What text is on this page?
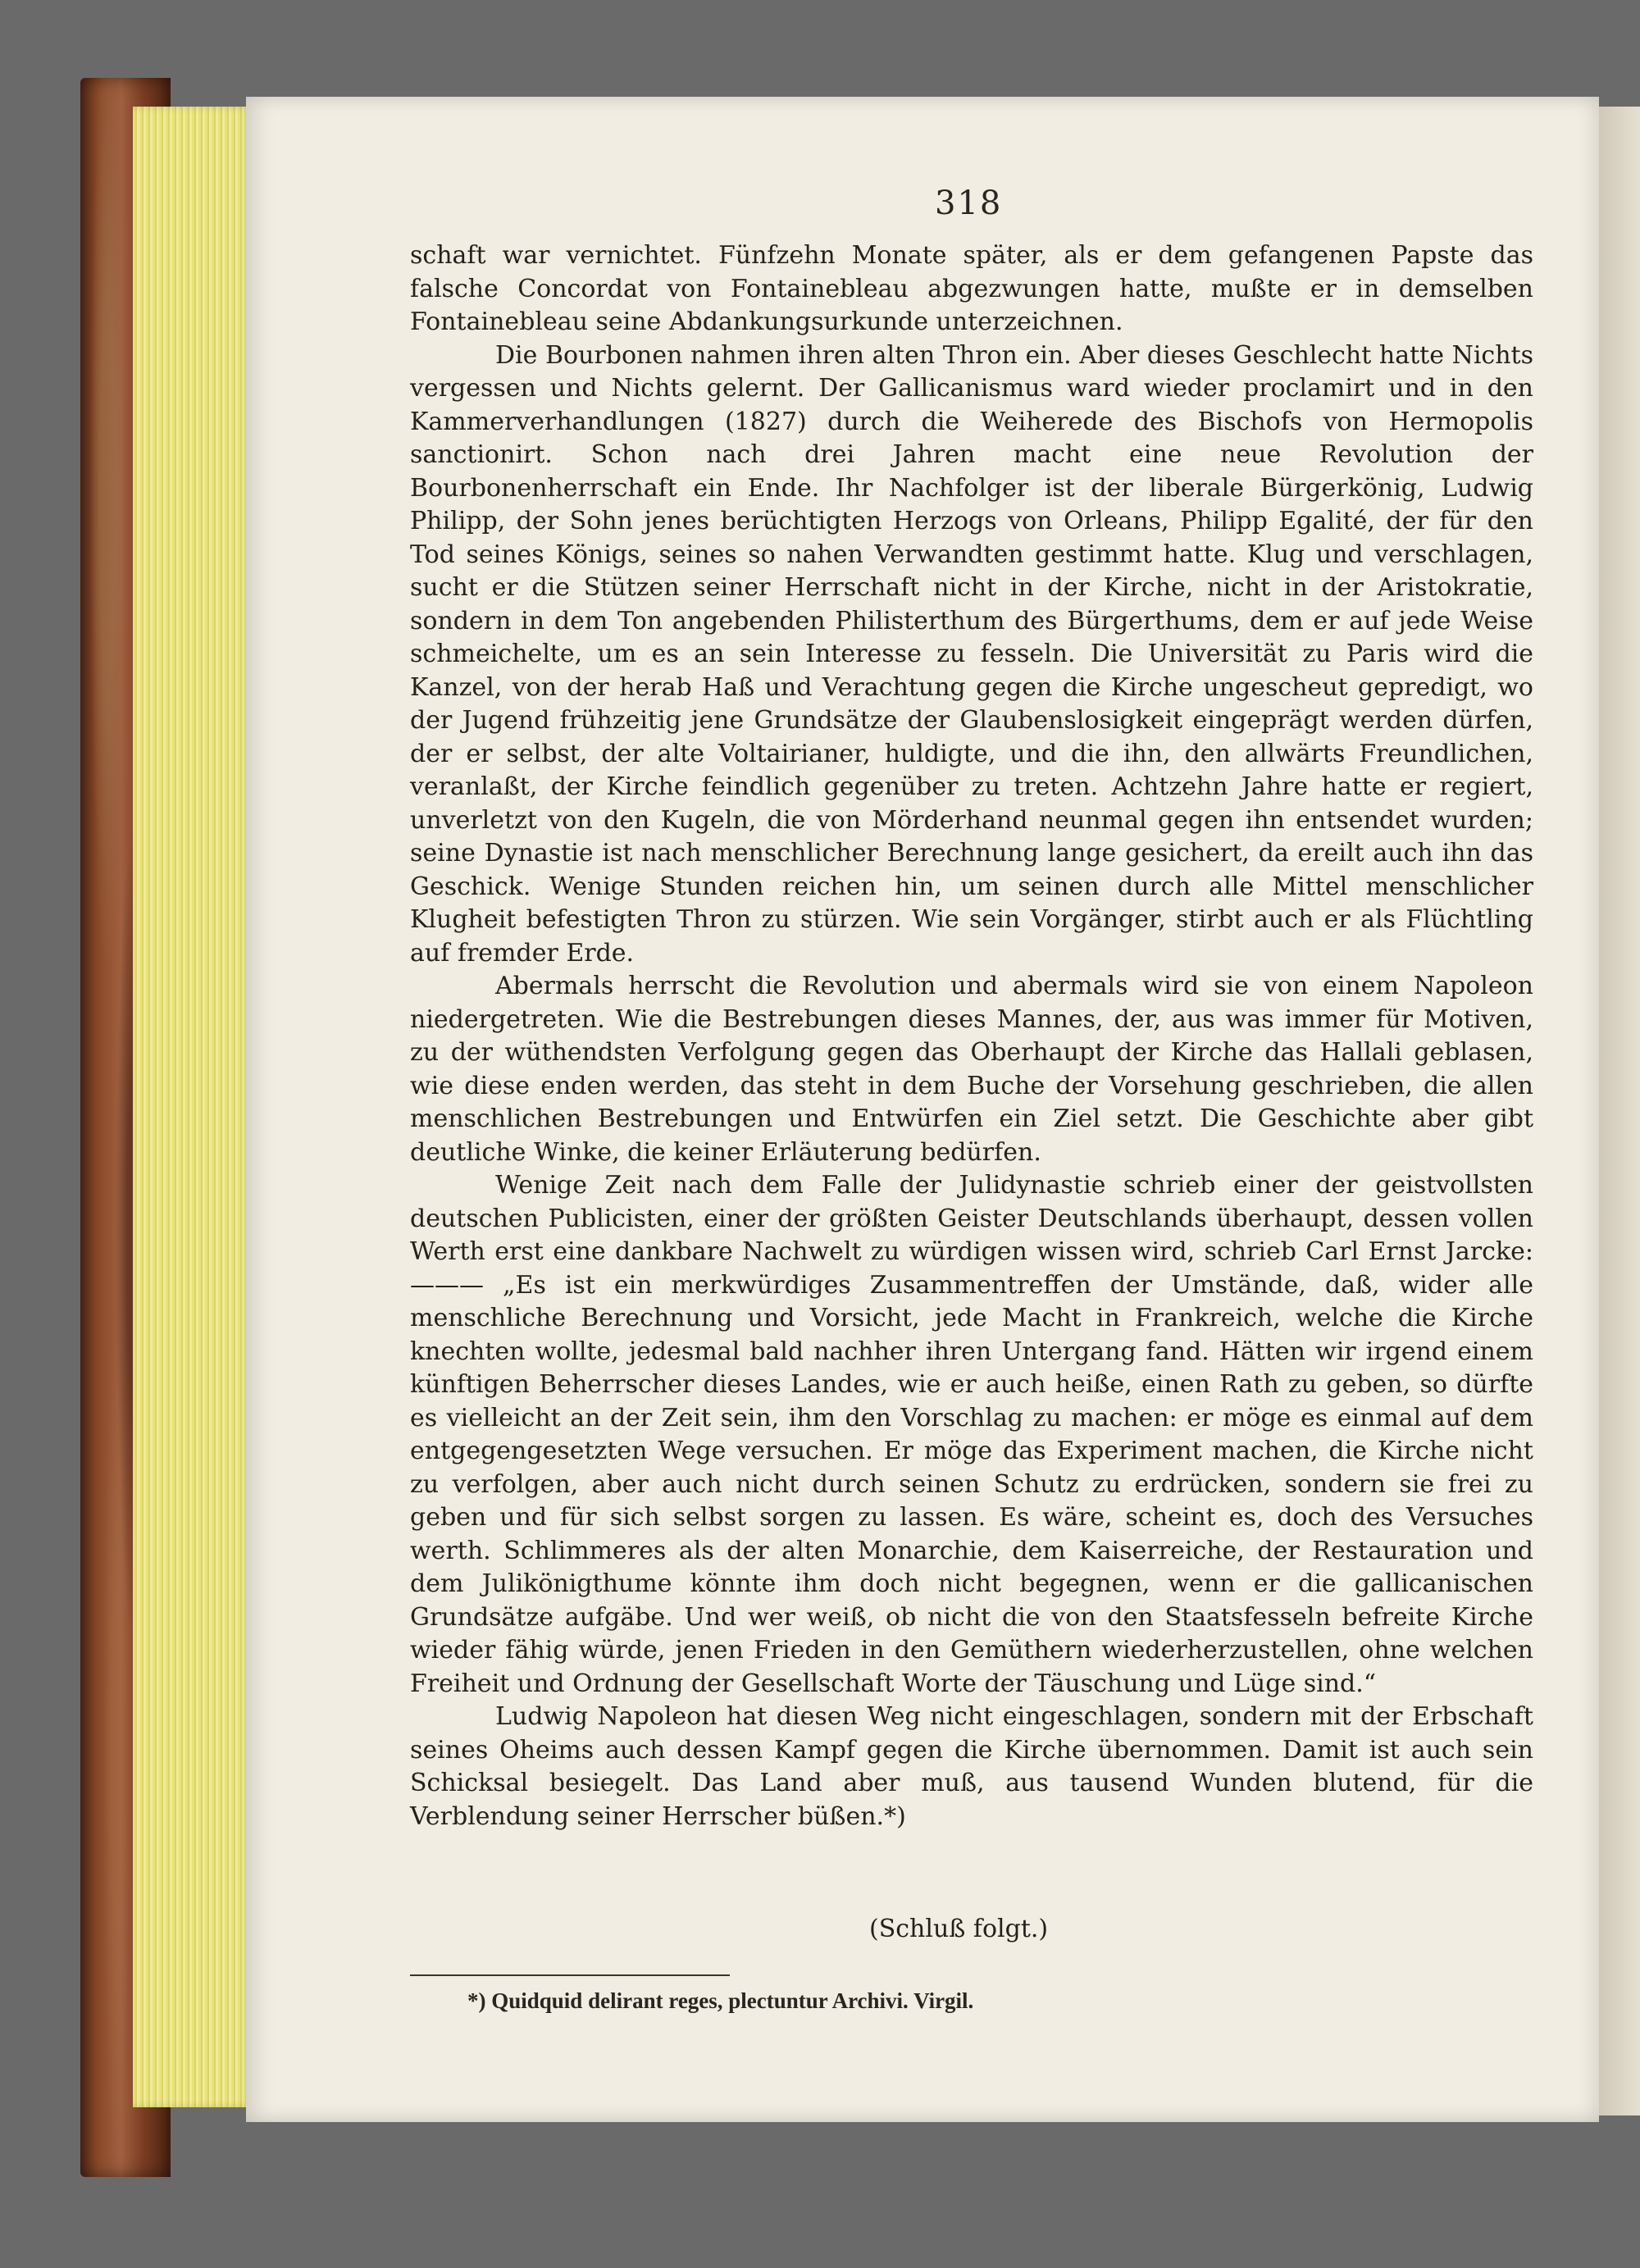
318

schaft war vernichtet. Fünfzehn Monate später, als er dem gefangenen Papste das falsche Concordat von Fontainebleau abgezwungen hatte, mußte er in demselben Fontainebleau seine Abdankungsurkunde unterzeichnen.

Die Bourbonen nahmen ihren alten Thron ein. Aber dieses Geschlecht hatte Nichts vergessen und Nichts gelernt. Der Gallicanismus ward wieder proclamirt und in den Kammerverhandlungen (1827) durch die Weiherede des Bischofs von Hermopolis sanctionirt. Schon nach drei Jahren macht eine neue Revolution der Bourbonenherrschaft ein Ende. Ihr Nachfolger ist der liberale Bürgerkönig, Ludwig Philipp, der Sohn jenes berüchtigten Herzogs von Orleans, Philipp Egalité, der für den Tod seines Königs, seines so nahen Verwandten gestimmt hatte. Klug und verschlagen, sucht er die Stützen seiner Herrschaft nicht in der Kirche, nicht in der Aristokratie, sondern in dem Ton angebenden Philisterthum des Bürgerthums, dem er auf jede Weise schmeichelte, um es an sein Interesse zu fesseln. Die Universität zu Paris wird die Kanzel, von der herab Haß und Verachtung gegen die Kirche ungescheut gepredigt, wo der Jugend frühzeitig jene Grundsätze der Glaubenslosigkeit eingeprägt werden dürfen, der er selbst, der alte Voltairianer, huldigte, und die ihn, den allwärts Freundlichen, veranlaßt, der Kirche feindlich gegenüber zu treten. Achtzehn Jahre hatte er regiert, unverletzt von den Kugeln, die von Mörderhand neunmal gegen ihn entsendet wurden; seine Dynastie ist nach menschlicher Berechnung lange gesichert, da ereilt auch ihn das Geschick. Wenige Stunden reichen hin, um seinen durch alle Mittel menschlicher Klugheit befestigten Thron zu stürzen. Wie sein Vorgänger, stirbt auch er als Flüchtling auf fremder Erde.

Abermals herrscht die Revolution und abermals wird sie von einem Napoleon niedergetreten. Wie die Bestrebungen dieses Mannes, der, aus was immer für Motiven, zu der wüthendsten Verfolgung gegen das Oberhaupt der Kirche das Hallali geblasen, wie diese enden werden, das steht in dem Buche der Vorsehung geschrieben, die allen menschlichen Bestrebungen und Entwürfen ein Ziel setzt. Die Geschichte aber gibt deutliche Winke, die keiner Erläuterung bedürfen.

Wenige Zeit nach dem Falle der Julidynastie schrieb einer der geistvollsten deutschen Publicisten, einer der größten Geister Deutschlands überhaupt, dessen vollen Werth erst eine dankbare Nachwelt zu würdigen wissen wird, schrieb Carl Ernst Jarcke: ——— „Es ist ein merkwürdiges Zusammentreffen der Umstände, daß, wider alle menschliche Berechnung und Vorsicht, jede Macht in Frankreich, welche die Kirche knechten wollte, jedesmal bald nachher ihren Untergang fand. Hätten wir irgend einem künftigen Beherrscher dieses Landes, wie er auch heiße, einen Rath zu geben, so dürfte es vielleicht an der Zeit sein, ihm den Vorschlag zu machen: er möge es einmal auf dem entgegengesetzten Wege versuchen. Er möge das Experiment machen, die Kirche nicht zu verfolgen, aber auch nicht durch seinen Schutz zu erdrücken, sondern sie frei zu geben und für sich selbst sorgen zu lassen. Es wäre, scheint es, doch des Versuches werth. Schlimmeres als der alten Monarchie, dem Kaiserreiche, der Restauration und dem Julikönigthume könnte ihm doch nicht begegnen, wenn er die gallicanischen Grundsätze aufgäbe. Und wer weiß, ob nicht die von den Staatsfesseln befreite Kirche wieder fähig würde, jenen Frieden in den Gemüthern wiederherzustellen, ohne welchen Freiheit und Ordnung der Gesellschaft Worte der Täuschung und Lüge sind.“

Ludwig Napoleon hat diesen Weg nicht eingeschlagen, sondern mit der Erbschaft seines Oheims auch dessen Kampf gegen die Kirche übernommen. Damit ist auch sein Schicksal besiegelt. Das Land aber muß, aus tausend Wunden blutend, für die Verblendung seiner Herrscher büßen.*)

(Schluß folgt.)
*) Quidquid delirant reges, plectuntur Archivi. Virgil.
